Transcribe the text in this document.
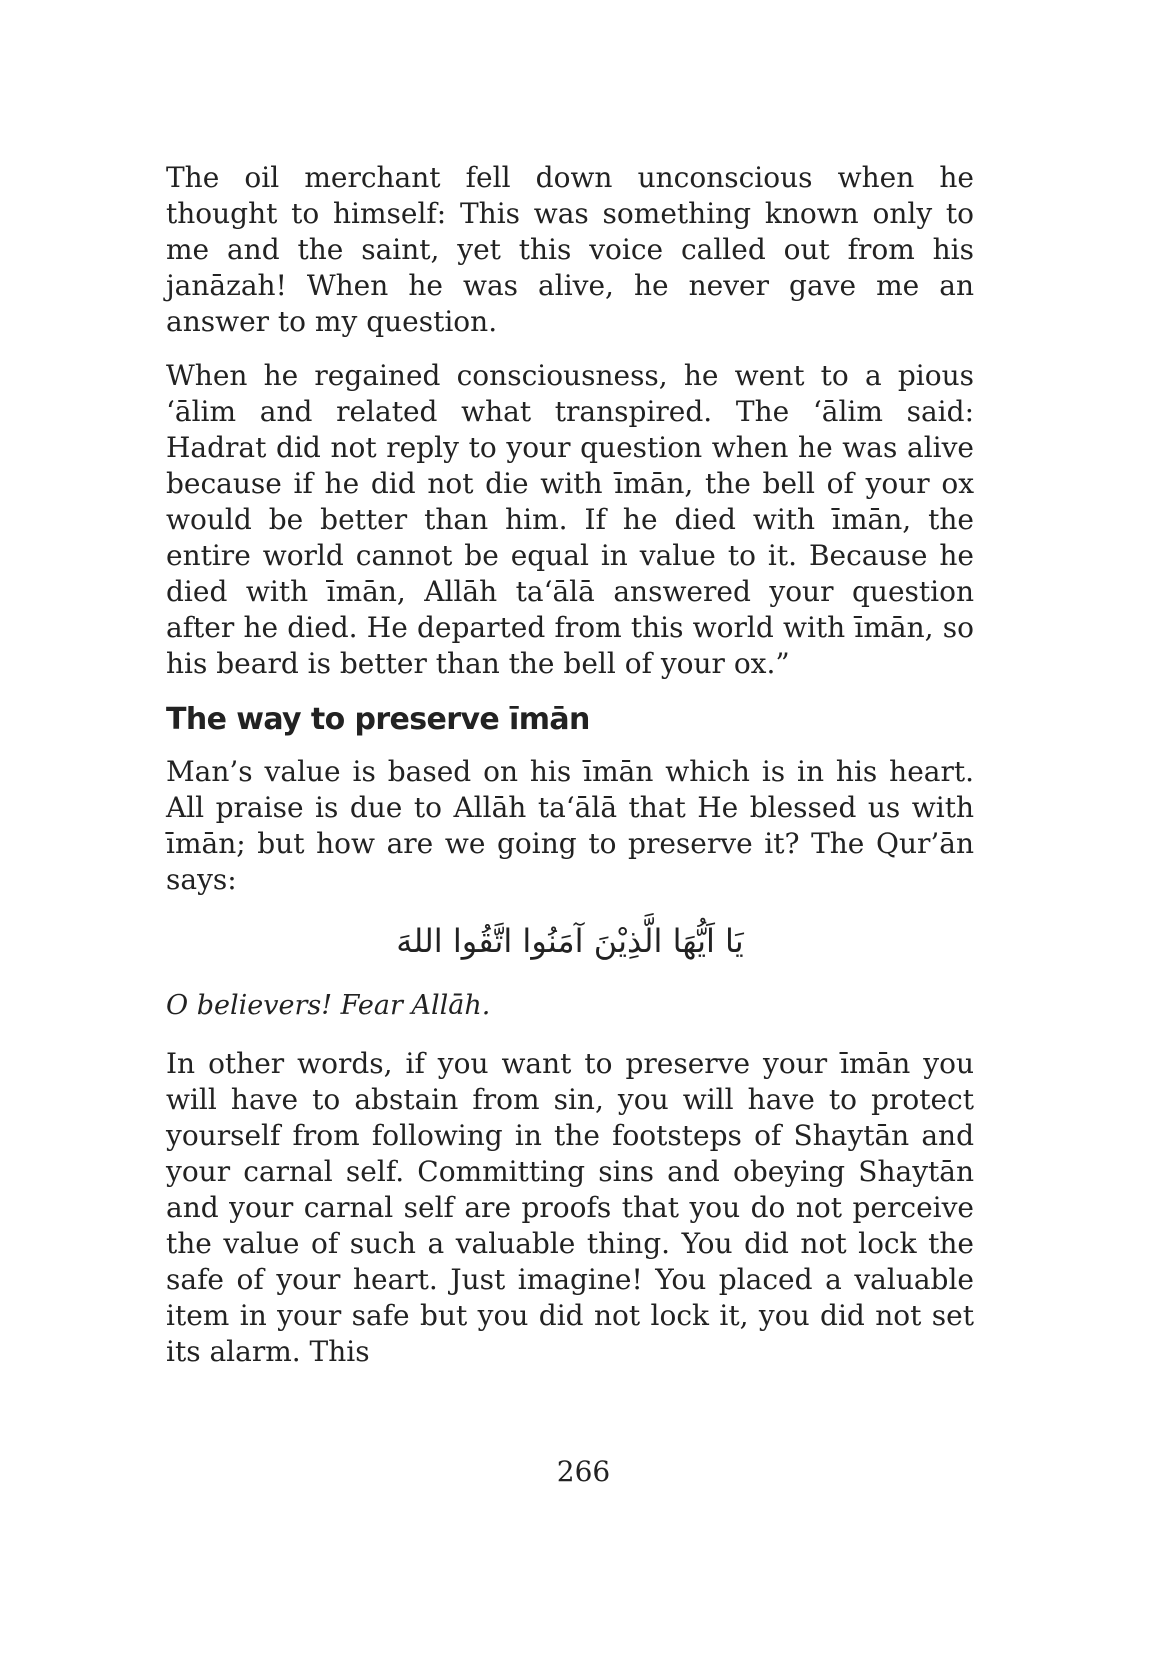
The oil merchant fell down unconscious when he thought to himself: This was something known only to me and the saint, yet this voice called out from his janāzah! When he was alive, he never gave me an answer to my question.

When he regained consciousness, he went to a pious ‘ālim and related what transpired. The ‘ālim said: Hadrat did not reply to your question when he was alive because if he did not die with īmān, the bell of your ox would be better than him. If he died with īmān, the entire world cannot be equal in value to it. Because he died with īmān, Allāh ta‘ālā answered your question after he died. He departed from this world with īmān, so his beard is better than the bell of your ox.”

The way to preserve īmān

Man’s value is based on his īmān which is in his heart. All praise is due to Allāh ta‘ālā that He blessed us with īmān; but how are we going to preserve it? The Qur’ān says:

يَا اَيُّهَا الَّذِيْنَ آمَنُوا اتَّقُوا اللهَ

O believers! Fear Allāh.

In other words, if you want to preserve your īmān you will have to abstain from sin, you will have to protect yourself from following in the footsteps of Shaytān and your carnal self. Committing sins and obeying Shaytān and your carnal self are proofs that you do not perceive the value of such a valuable thing. You did not lock the safe of your heart. Just imagine! You placed a valuable item in your safe but you did not lock it, you did not set its alarm. This

266
